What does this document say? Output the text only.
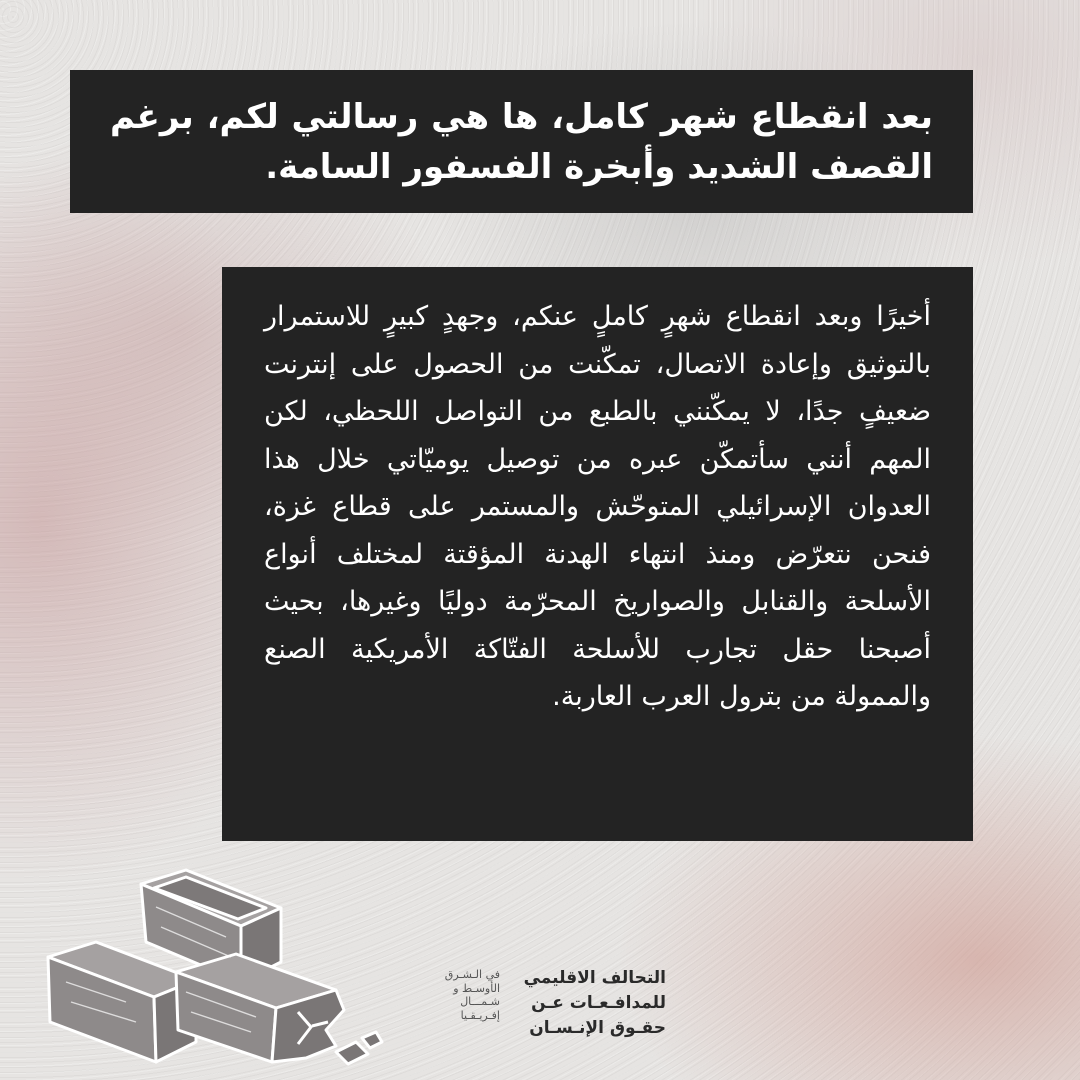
بعد انقطاع شهر كامل، ها هي رسالتي لكم، برغم القصف الشديد وأبخرة الفسفور السامة.
أخيرًا وبعد انقطاع شهرٍ كاملٍ عنكم، وجهدٍ كبيرٍ للاستمرار بالتوثيق وإعادة الاتصال، تمكّنت من الحصول على إنترنت ضعيفٍ جدًا، لا يمكّنني بالطبع من التواصل اللحظي، لكن المهم أنني سأتمكّن عبره من توصيل يوميّاتي خلال هذا العدوان الإسرائيلي المتوحّش والمستمر على قطاع غزة، فنحن نتعرّض ومنذ انتهاء الهدنة المؤقتة لمختلف أنواع الأسلحة والقنابل والصواريخ المحرّمة دوليًا وغيرها، بحيث أصبحنا حقل تجارب للأسلحة الفتّاكة الأمريكية الصنع والممولة من بترول العرب العاربة.
التحالف الاقليمي
للمدافـعـات عـن
حقـوق الإنـسـان
في الـشـرق
الأوسـط و
شـمـــال
إفـريـقـيا
